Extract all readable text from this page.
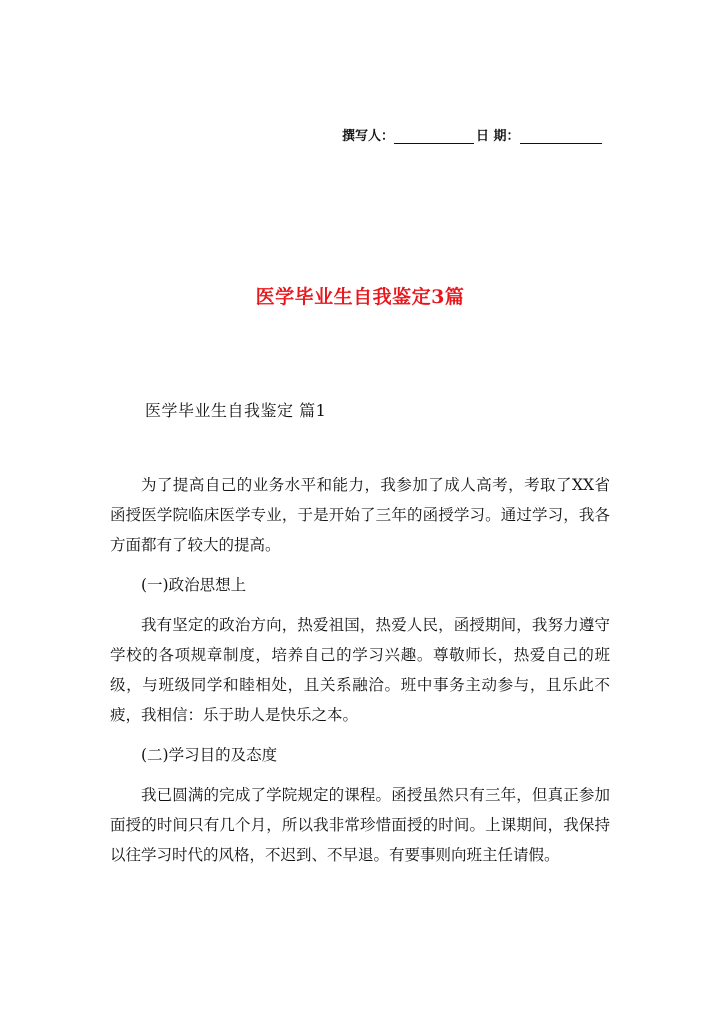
撰写人：	日 期：
医学毕业生自我鉴定3篇
医学毕业生自我鉴定 篇1

为了提高自己的业务水平和能力，我参加了成人高考，考取了XX省函授医学院临床医学专业，于是开始了三年的函授学习。通过学习，我各方面都有了较大的提高。

(一)政治思想上

我有坚定的政治方向，热爱祖国，热爱人民，函授期间，我努力遵守学校的各项规章制度，培养自己的学习兴趣。尊敬师长，热爱自己的班级，与班级同学和睦相处，且关系融洽。班中事务主动参与，且乐此不疲，我相信：乐于助人是快乐之本。

(二)学习目的及态度

我已圆满的完成了学院规定的课程。函授虽然只有三年，但真正参加面授的时间只有几个月，所以我非常珍惜面授的时间。上课期间，我保持以往学习时代的风格，不迟到、不早退。有要事则向班主任请假。
